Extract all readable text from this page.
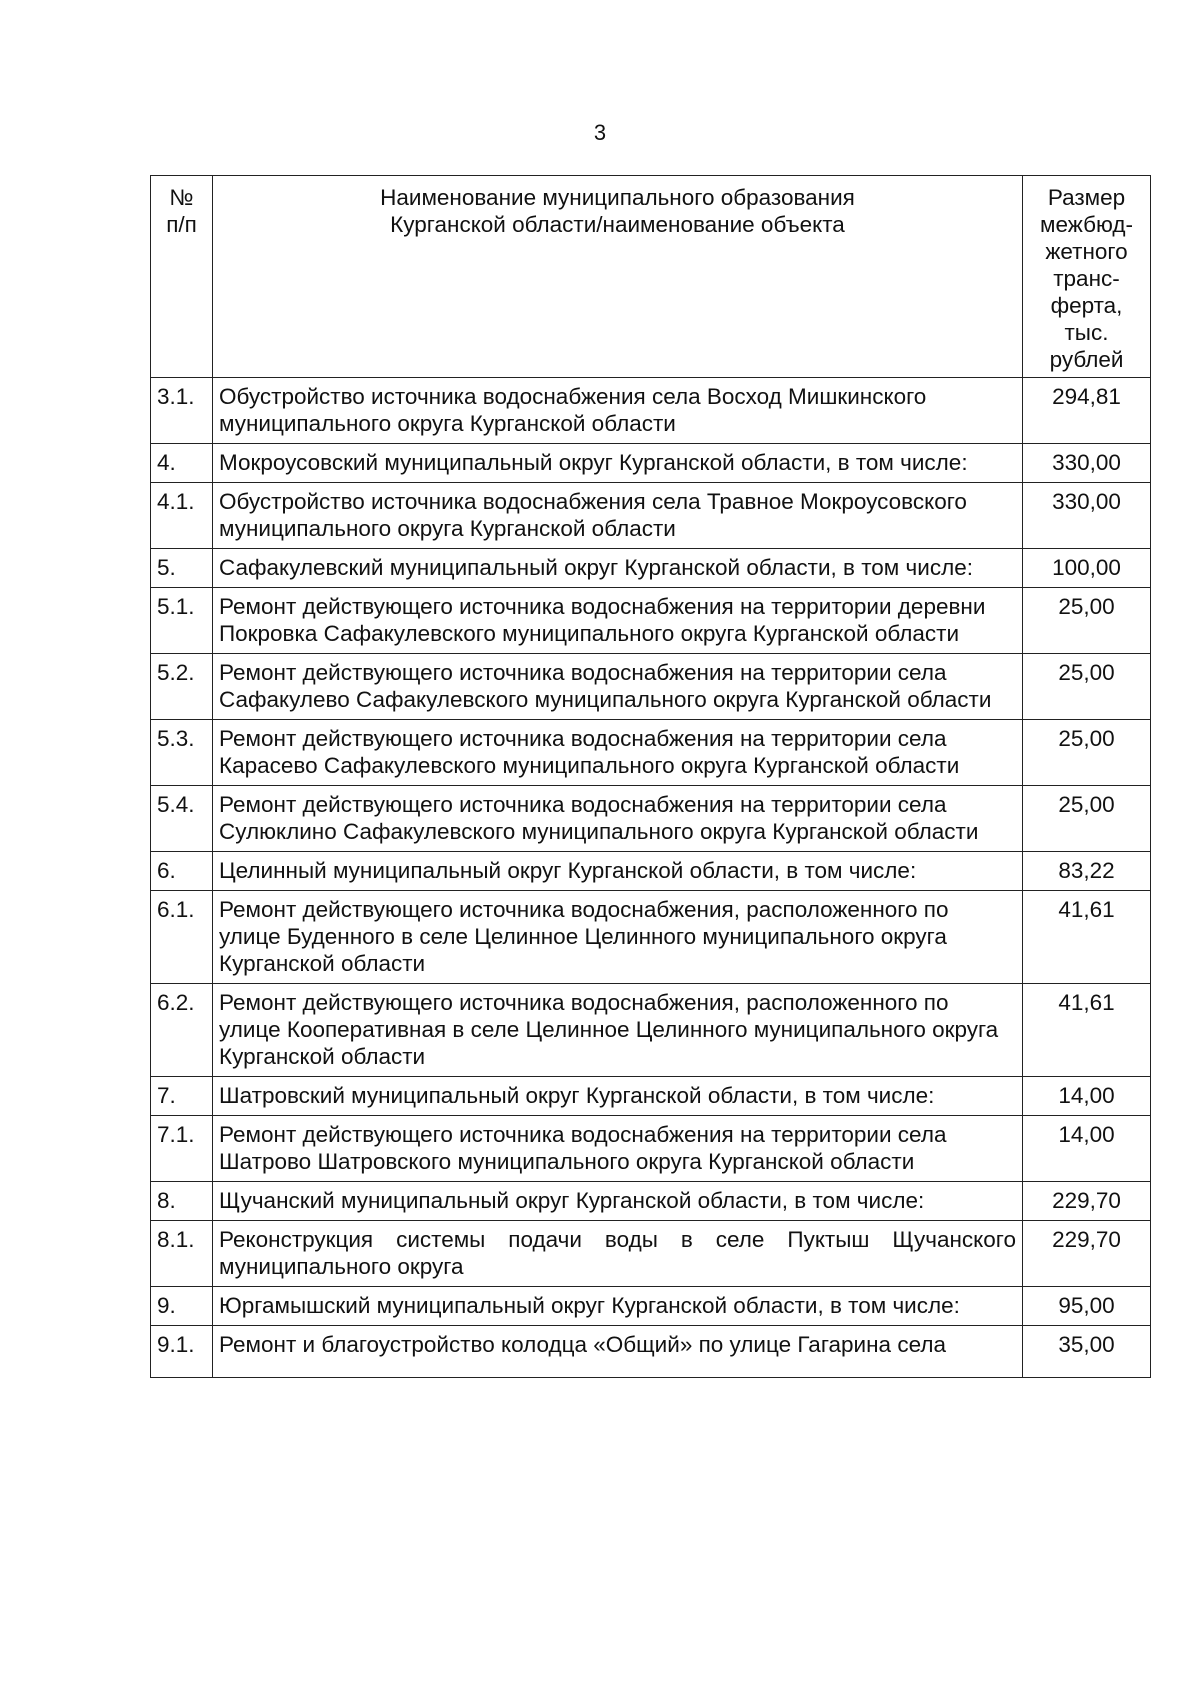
3
№ п/п	Наименование муниципального образования Курганской области/наименование объекта	Размер межбюд-жетного транс-ферта, тыс. рублей

3.1.	Обустройство источника водоснабжения села Восход Мишкинского муниципального округа Курганской области	294,81
4.	Мокроусовский муниципальный округ Курганской области, в том числе:	330,00
4.1.	Обустройство источника водоснабжения села Травное Мокроусовского муниципального округа Курганской области	330,00
5.	Сафакулевский муниципальный округ Курганской области, в том числе:	100,00
5.1.	Ремонт действующего источника водоснабжения на территории деревни Покровка Сафакулевского муниципального округа Курганской области	25,00
5.2.	Ремонт действующего источника водоснабжения на территории села Сафакулево Сафакулевского муниципального округа Курганской области	25,00
5.3.	Ремонт действующего источника водоснабжения на территории села Карасево Сафакулевского муниципального округа Курганской области	25,00
5.4.	Ремонт действующего источника водоснабжения на территории села Сулюклино Сафакулевского муниципального округа Курганской области	25,00
6.	Целинный муниципальный округ Курганской области, в том числе:	83,22
6.1.	Ремонт действующего источника водоснабжения, расположенного по улице Буденного в селе Целинное Целинного муниципального округа Курганской области	41,61
6.2.	Ремонт действующего источника водоснабжения, расположенного по улице Кооперативная в селе Целинное Целинного муниципального округа Курганской области	41,61
7.	Шатровский муниципальный округ Курганской области, в том числе:	14,00
7.1.	Ремонт действующего источника водоснабжения на территории села Шатрово Шатровского муниципального округа Курганской области	14,00
8.	Щучанский муниципальный округ Курганской области, в том числе:	229,70
8.1.	Реконструкция системы подачи воды в селе Пуктыш Щучанского муниципального округа	229,70
9.	Юргамышский муниципальный округ Курганской области, в том числе:	95,00
9.1.	Ремонт и благоустройство колодца «Общий» по улице Гагарина села	35,00
